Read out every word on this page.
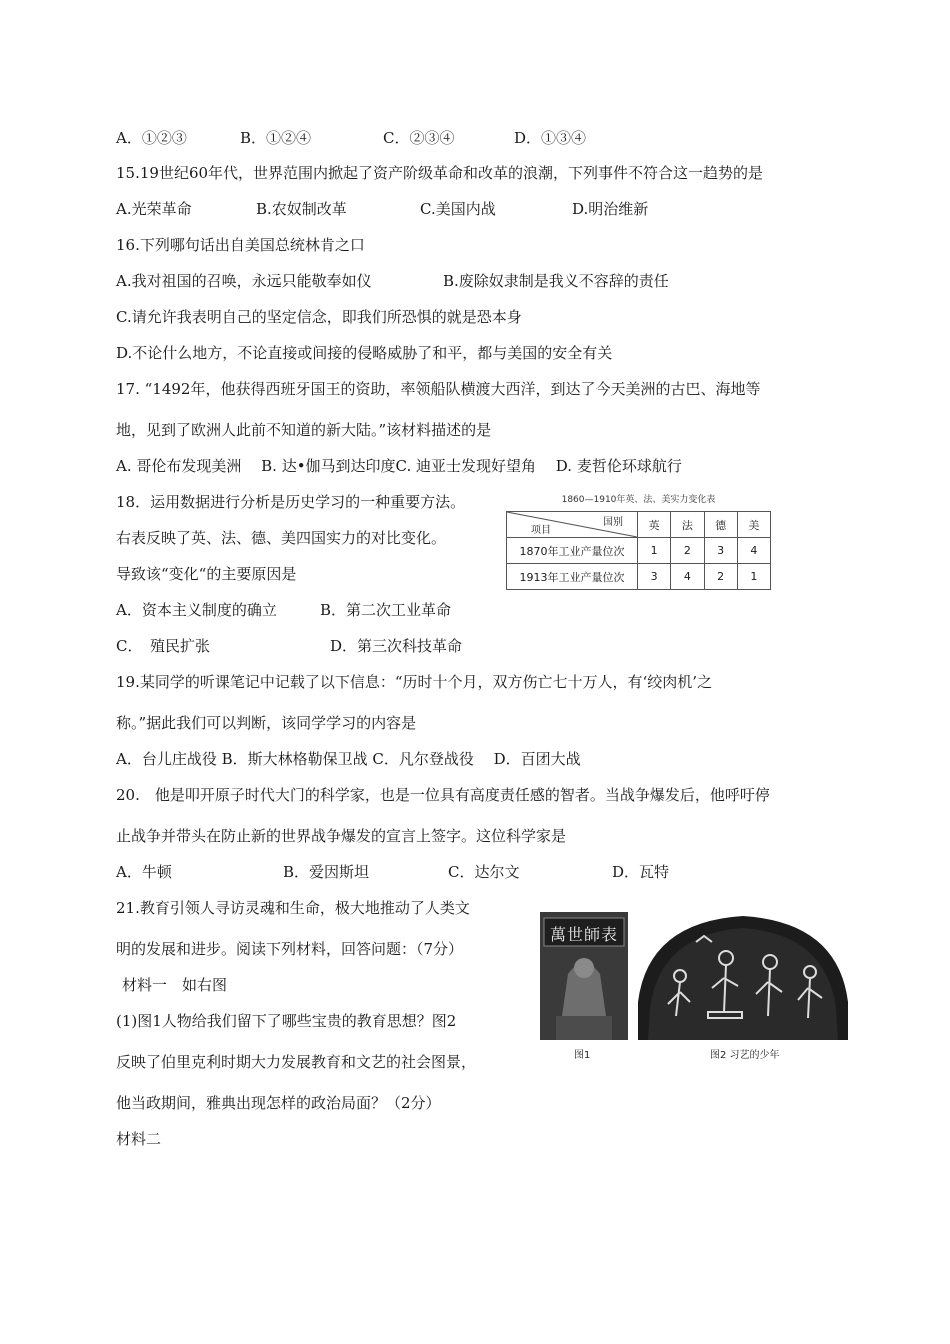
A．①②③	B．①②④	C．②③④	D．①③④
15.19世纪60年代，世界范围内掀起了资产阶级革命和改革的浪潮，下列事件不符合这一趋势的是
A.光荣革命	B.农奴制改革	C.美国内战	D.明治维新
16.下列哪句话出自美国总统林肯之口
A.我对祖国的召唤，永远只能敬奉如仪	B.废除奴隶制是我义不容辞的责任
C.请允许我表明自己的坚定信念，即我们所恐惧的就是恐本身
D.不论什么地方，不论直接或间接的侵略威胁了和平，都与美国的安全有关
17. “1492年，他获得西班牙国王的资助，率领船队横渡大西洋，到达了今天美洲的古巴、海地等
地，见到了欧洲人此前不知道的新大陆。”该材料描述的是
A. 哥伦布发现美洲　 B. 达•伽马到达印度C. 迪亚士发现好望角　 D. 麦哲伦环球航行
18．运用数据进行分析是历史学习的一种重要方法。
右表反映了英、法、德、美四国实力的对比变化。
导致该“变化“的主要原因是
A．资本主义制度的确立	B．第二次工业革命
C．　殖民扩张	D．第三次科技革命
1860—1910年英、法、美实力变化表
国别
项目	英	法	德	美
1870年工业产量位次	1	2	3	4
1913年工业产量位次	3	4	2	1
19.某同学的听课笔记中记载了以下信息：“历时十个月，双方伤亡七十万人，有‘绞肉机’之
称。”据此我们可以判断，该同学学习的内容是
A．台儿庄战役 B．斯大林格勒保卫战 C．凡尔登战役　 D．百团大战
20.　他是叩开原子时代大门的科学家，也是一位具有高度责任感的智者。当战争爆发后，他呼吁停
止战争并带头在防止新的世界战争爆发的宣言上签字。这位科学家是
A．牛顿	B．爱因斯坦	C．达尔文	D．瓦特
21.教育引领人寻访灵魂和生命，极大地推动了人类文
明的发展和进步。阅读下列材料，回答问题：（7分）
材料一　如右图
(1)图1人物给我们留下了哪些宝贵的教育思想？图2
反映了伯里克利时期大力发展教育和文艺的社会图景，
他当政期间，雅典出现怎样的政治局面？（2分）
材料二
萬世師表
图1	图2 习艺的少年
